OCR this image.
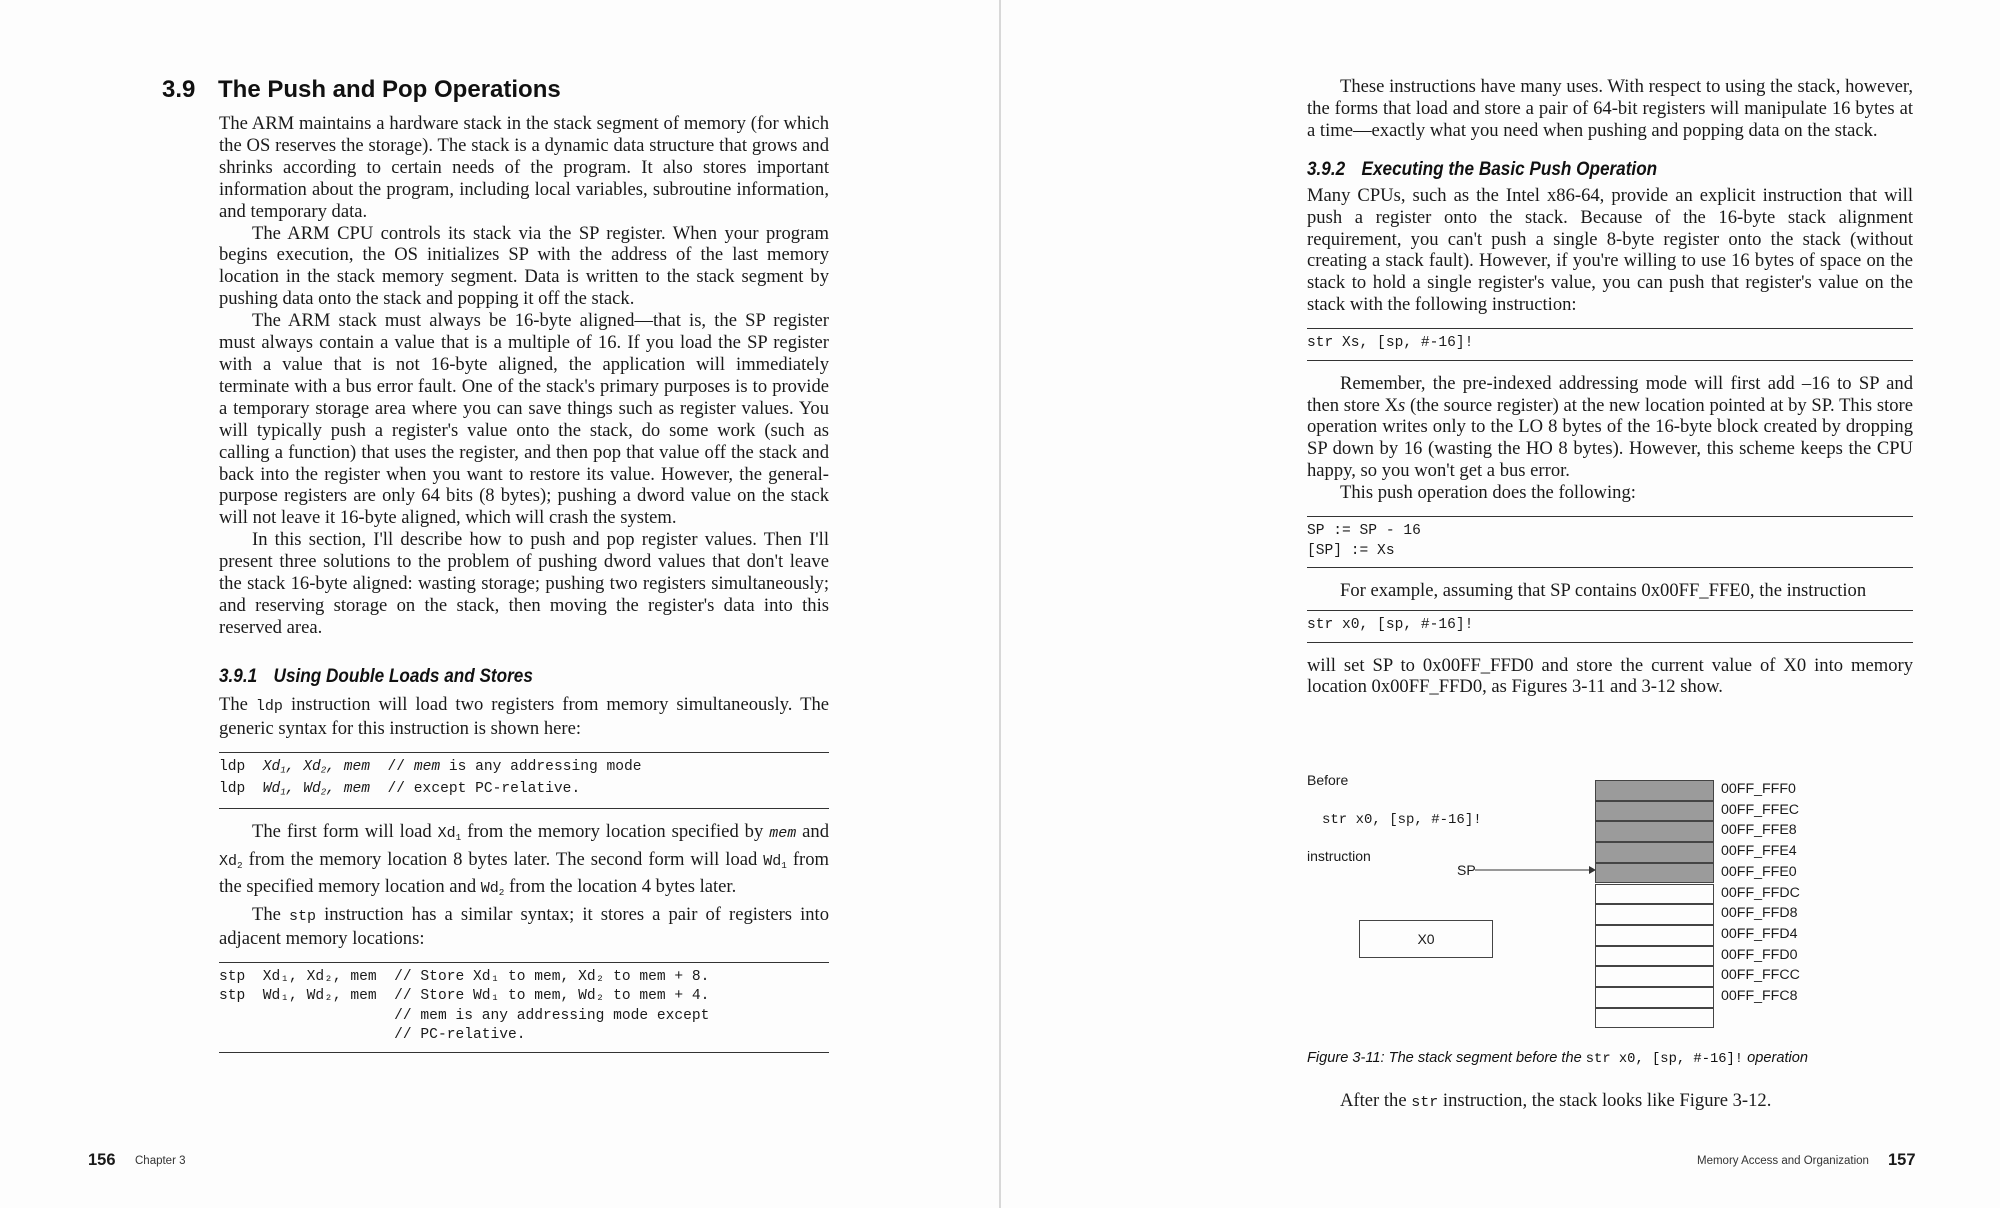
3.9 The Push and Pop Operations

The ARM maintains a hardware stack in the stack segment of memory (for which the OS reserves the storage). The stack is a dynamic data structure that grows and shrinks according to certain needs of the program. It also stores important information about the program, including local variables, subroutine information, and temporary data.

The ARM CPU controls its stack via the SP register. When your program begins execution, the OS initializes SP with the address of the last memory location in the stack memory segment. Data is written to the stack segment by pushing data onto the stack and popping it off the stack.

The ARM stack must always be 16-byte aligned—that is, the SP register must always contain a value that is a multiple of 16. If you load the SP register with a value that is not 16-byte aligned, the application will immediately terminate with a bus error fault. One of the stack's primary purposes is to provide a temporary storage area where you can save things such as register values. You will typically push a register's value onto the stack, do some work (such as calling a function) that uses the register, and then pop that value off the stack and back into the register when you want to restore its value. However, the general-purpose registers are only 64 bits (8 bytes); pushing a dword value on the stack will not leave it 16-byte aligned, which will crash the system.

In this section, I'll describe how to push and pop register values. Then I'll present three solutions to the problem of pushing dword values that don't leave the stack 16-byte aligned: wasting storage; pushing two registers simultaneously; and reserving storage on the stack, then moving the register's data into this reserved area.

3.9.1 Using Double Loads and Stores

The ldp instruction will load two registers from memory simultaneously. The generic syntax for this instruction is shown here:

ldp $Xd_1$, $Xd_2$, mem // mem is any addressing mode
ldp $Wd_1$, $Wd_2$, mem // except PC-relative.

The first form will load $Xd_1$ from the memory location specified by mem and $Xd_2$ from the memory location 8 bytes later. The second form will load $Wd_1$ from the specified memory location and $Wd_2$ from the location 4 bytes later.

The stp instruction has a similar syntax; it stores a pair of registers into adjacent memory locations:

stp  Xd₁, Xd₂, mem  // Store Xd₁ to mem, Xd₂ to mem + 8.
stp  Wd₁, Wd₂, mem  // Store Wd₁ to mem, Wd₂ to mem + 4.
// mem is any addressing mode except
// PC-relative.
156 Chapter 3

These instructions have many uses. With respect to using the stack, however, the forms that load and store a pair of 64-bit registers will manipulate 16 bytes at a time—exactly what you need when pushing and popping data on the stack.

3.9.2 Executing the Basic Push Operation

Many CPUs, such as the Intel x86-64, provide an explicit instruction that will push a register onto the stack. Because of the 16-byte stack alignment requirement, you can't push a single 8-byte register onto the stack (without creating a stack fault). However, if you're willing to use 16 bytes of space on the stack to hold a single register's value, you can push that register's value on the stack with the following instruction:

str Xs, [sp, #-16]!

Remember, the pre-indexed addressing mode will first add –16 to SP and then store Xs (the source register) at the new location pointed at by SP. This store operation writes only to the LO 8 bytes of the 16-byte block created by dropping SP down by 16 (wasting the HO 8 bytes). However, this scheme keeps the CPU happy, so you won't get a bus error.

This push operation does the following:

SP := SP - 16
[SP] := Xs

For example, assuming that SP contains 0x00FF_FFE0, the instruction

str x0, [sp, #-16]!

will set SP to 0x00FF_FFD0 and store the current value of X0 into memory location 0x00FF_FFD0, as Figures 3-11 and 3-12 show.

Before
str x0, [sp, #-16]!
instruction
SP
X0
00FF_FFF0
00FF_FFEC
00FF_FFE8
00FF_FFE4
00FF_FFE0
00FF_FFDC
00FF_FFD8
00FF_FFD4
00FF_FFD0
00FF_FFCC
00FF_FFC8
Figure 3-11: The stack segment before the str x0, [sp, #-16]! operation

After the str instruction, the stack looks like Figure 3-12.

Memory Access and Organization 157
